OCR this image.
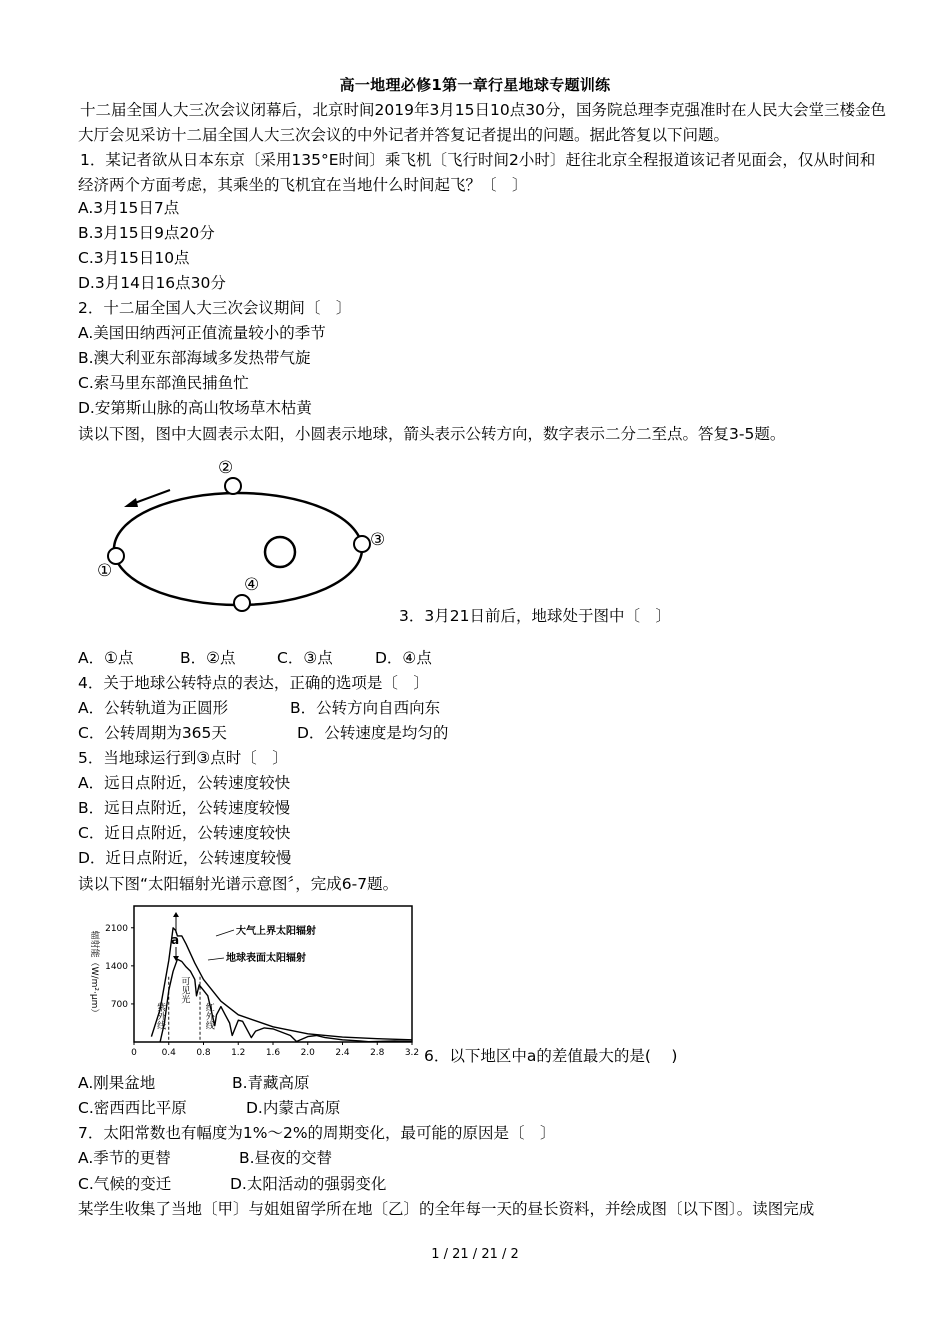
高一地理必修1第一章行星地球专题训练
十二届全国人大三次会议闭幕后，北京时间2019年3月15日10点30分，国务院总理李克强准时在人民大会堂三楼金色大厅会见采访十二届全国人大三次会议的中外记者并答复记者提出的问题。据此答复以下问题。
1．某记者欲从日本东京〔采用135°E时间〕乘飞机〔飞行时间2小时〕赶往北京全程报道该记者见面会，仅从时间和经济两个方面考虑，其乘坐的飞机宜在当地什么时间起飞？〔　〕
A.3月15日7点
B.3月15日9点20分
C.3月15日10点
D.3月14日16点30分
2．十二届全国人大三次会议期间〔　〕
A.美国田纳西河正值流量较小的季节
B.澳大利亚东部海域多发热带气旋
C.索马里东部渔民捕鱼忙
D.安第斯山脉的高山牧场草木枯黄
读以下图，图中大圆表示太阳，小圆表示地球，箭头表示公转方向，数字表示二分二至点。答复3-5题。
①
②
③
④
3．3月21日前后，地球处于图中〔　〕
A．①点	B．②点	C．③点	D．④点
4．关于地球公转特点的表达，正确的选项是〔　〕
A．公转轨道为正圆形	B．公转方向自西向东
C．公转周期为365天	D．公转速度是均匀的
5．当地球运行到③点时〔　〕
A．远日点附近，公转速度较快
B．远日点附近，公转速度较慢
C．近日点附近，公转速度较快
D．近日点附近，公转速度较慢
读以下图“太阳辐射光谱示意图〞，完成6-7题。
辐射能（W/m²·μm） 700
1400
2100
0	0.4 0.8 1.2 1.6 2.0 2.4 2.8 3.2
紫外线
可见光
红外线
大气上界太阳辐射
地球表面太阳辐射
a
6．以下地区中a的差值最大的是(　 )
A.刚果盆地	B.青藏高原
C.密西西比平原	D.内蒙古高原
7．太阳常数也有幅度为1%～2%的周期变化，最可能的原因是〔　〕
A.季节的更替	B.昼夜的交替
C.气候的变迁	D.太阳活动的强弱变化
某学生收集了当地〔甲〕与姐姐留学所在地〔乙〕的全年每一天的昼长资料，并绘成图〔以下图〕。读图完成
1 / 21 / 21 / 2
